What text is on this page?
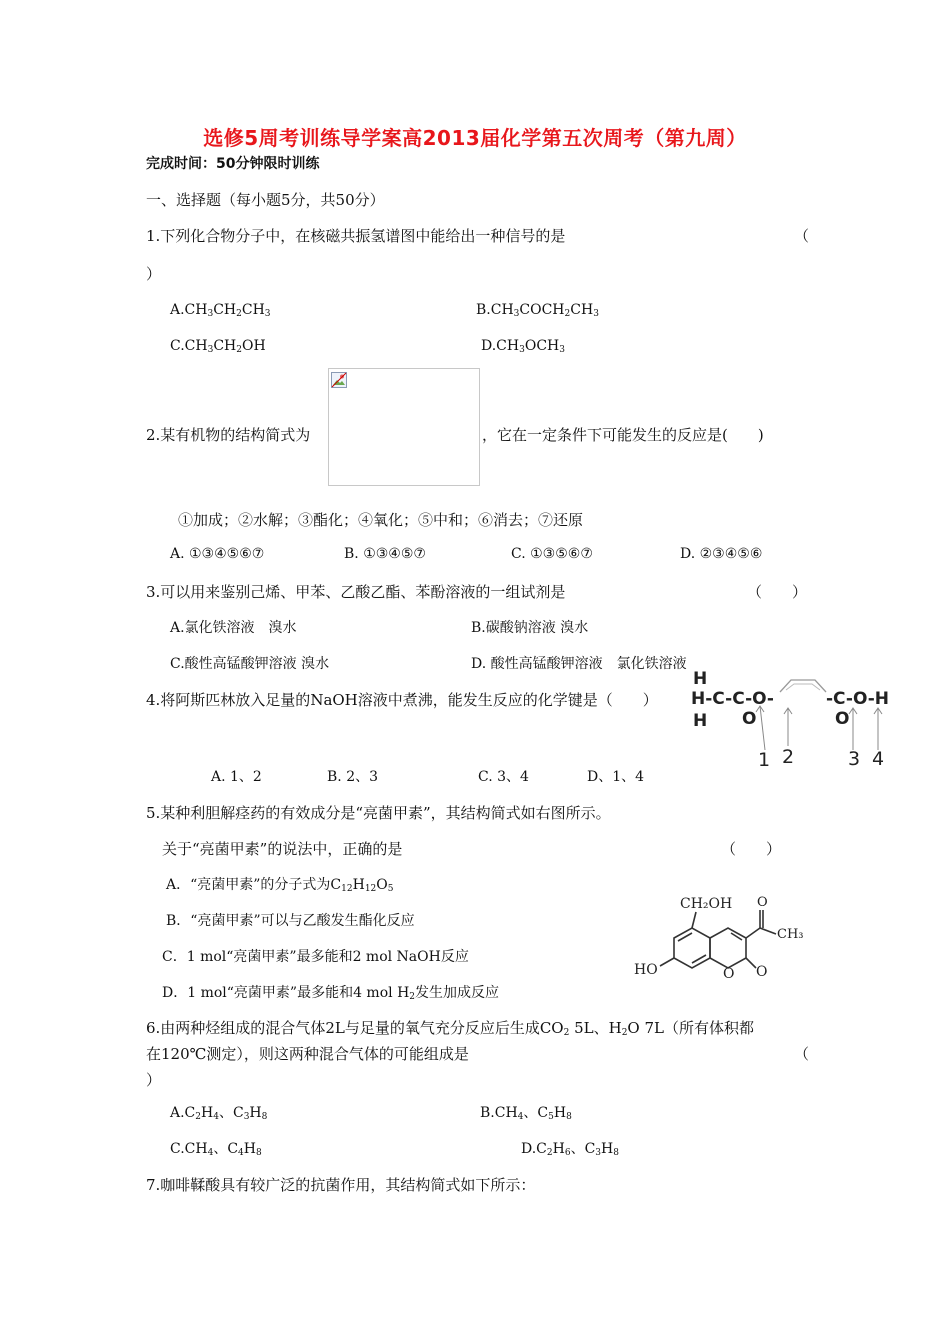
选修5周考训练导学案高2013届化学第五次周考（第九周）
完成时间：50分钟限时训练
一、选择题（每小题5分，共50分）
1.下列化合物分子中，在核磁共振氢谱图中能给出一种信号的是	（
）
$A.CH_3CH_2CH_3$	$B.CH_3COCH_2CH_3$
$C.CH_3CH_2OH$	$D.CH_3OCH_3$
2.某有机物的结构简式为	，它在一定条件下可能发生的反应是(　　)
①加成；②水解；③酯化；④氧化；⑤中和；⑥消去；⑦还原
A. ①③④⑤⑥⑦	B. ①③④⑤⑦	C. ①③⑤⑥⑦	D. ②③④⑤⑥
3.可以用来鉴别己烯、甲苯、乙酸乙酯、苯酚溶液的一组试剂是	（　　）
A.氯化铁溶液　溴水	B.碳酸钠溶液 溴水
C.酸性高锰酸钾溶液 溴水	D. 酸性高锰酸钾溶液　氯化铁溶液
4.将阿斯匹林放入足量的NaOH溶液中煮沸，能发生反应的化学键是（　　）
H
H-C-C-O-	-C-O-H
H O	O
1 2	3 4
A. 1、2	B. 2、3	C. 3、4	D、1、4
5.某种利胆解痉药的有效成分是“亮菌甲素”，其结构简式如右图所示。
关于“亮菌甲素”的说法中，正确的是	（　　）
A．“亮菌甲素”的分子式为$C_{12}H_{12}O_5$
B．“亮菌甲素”可以与乙酸发生酯化反应
C．1 mol“亮菌甲素”最多能和2 mol NaOH反应
D．1 mol“亮菌甲素”最多能和4 mol $H_2$发生加成反应
CH₂OH
HO
CH₃
O O
O
6.由两种烃组成的混合气体2L与足量的氧气充分反应后生成$CO_2$ 5L、$H_2O$ 7L（所有体积都
在120℃测定），则这两种混合气体的可能组成是	（
）
$A.C_2H_4$、$C_3H_8$	$B.CH_4$、$C_5H_8$
$C.CH_4$、$C_4H_8$	$D.C_2H_6$、$C_3H_8$
7.咖啡鞣酸具有较广泛的抗菌作用，其结构简式如下所示：
